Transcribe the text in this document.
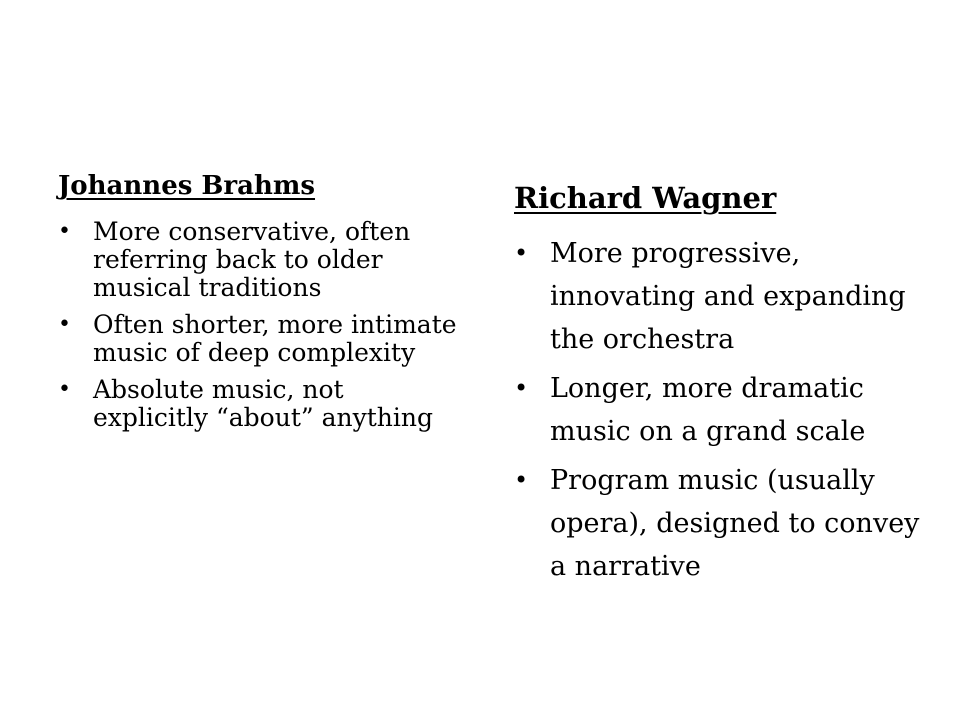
Johannes Brahms
• More conservative, often referring back to older musical traditions
• Often shorter, more intimate music of deep complexity
• Absolute music, not explicitly “about” anything
Richard Wagner
• More progressive, innovating and expanding the orchestra
• Longer, more dramatic music on a grand scale
• Program music (usually opera), designed to convey a narrative
